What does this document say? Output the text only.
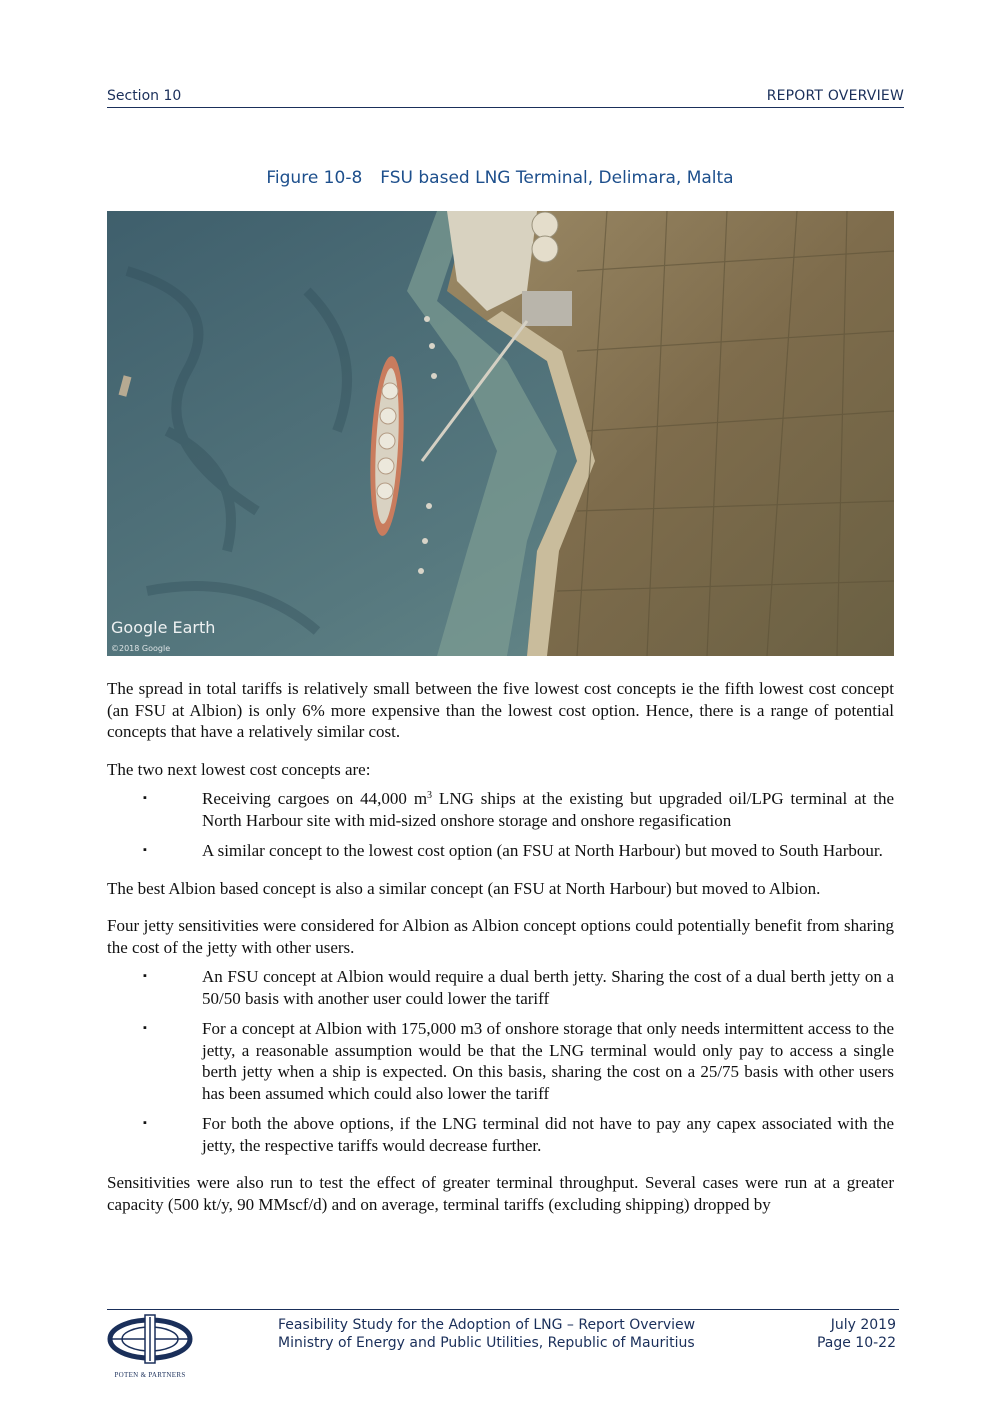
Section 10	REPORT OVERVIEW
Figure 10-8 FSU based LNG Terminal, Delimara, Malta
Google Earth
©2018 Google

The spread in total tariffs is relatively small between the five lowest cost concepts ie the fifth lowest cost concept (an FSU at Albion) is only 6% more expensive than the lowest cost option. Hence, there is a range of potential concepts that have a relatively similar cost.

The two next lowest cost concepts are:

▪	Receiving cargoes on 44,000 $m^3$ LNG ships at the existing but upgraded oil/LPG terminal at the North Harbour site with mid-sized onshore storage and onshore regasification
▪	A similar concept to the lowest cost option (an FSU at North Harbour) but moved to South Harbour.

The best Albion based concept is also a similar concept (an FSU at North Harbour) but moved to Albion.

Four jetty sensitivities were considered for Albion as Albion concept options could potentially benefit from sharing the cost of the jetty with other users.

▪	An FSU concept at Albion would require a dual berth jetty. Sharing the cost of a dual berth jetty on a 50/50 basis with another user could lower the tariff
▪	For a concept at Albion with 175,000 m3 of onshore storage that only needs intermittent access to the jetty, a reasonable assumption would be that the LNG terminal would only pay to access a single berth jetty when a ship is expected. On this basis, sharing the cost on a 25/75 basis with other users has been assumed which could also lower the tariff
▪	For both the above options, if the LNG terminal did not have to pay any capex associated with the jetty, the respective tariffs would decrease further.

Sensitivities were also run to test the effect of greater terminal throughput. Several cases were run at a greater capacity (500 kt/y, 90 MMscf/d) and on average, terminal tariffs (excluding shipping) dropped by

POTEN & PARTNERS
Feasibility Study for the Adoption of LNG – Report Overview
Ministry of Energy and Public Utilities, Republic of Mauritius
July 2019
Page 10-22
